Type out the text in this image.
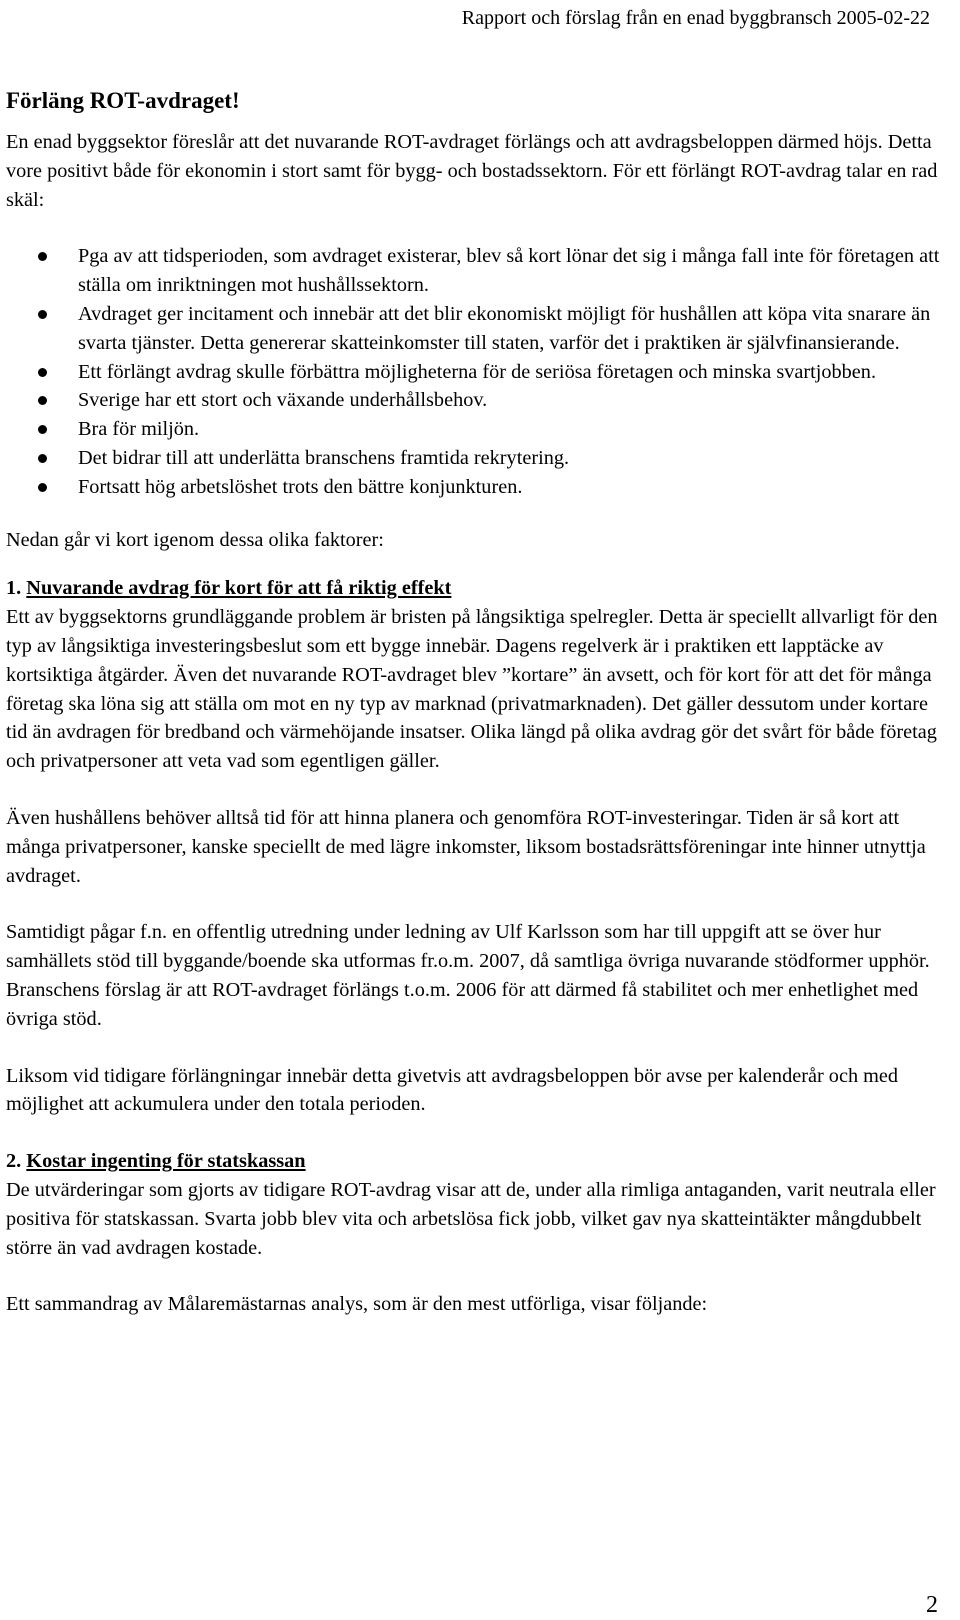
Rapport och förslag från en enad byggbransch 2005-02-22
Förläng ROT-avdraget!

En enad byggsektor föreslår att det nuvarande ROT-avdraget förlängs och att avdragsbeloppen därmed höjs. Detta vore positivt både för ekonomin i stort samt för bygg- och bostadssektorn. För ett förlängt ROT-avdrag talar en rad skäl:

Pga av att tidsperioden, som avdraget existerar, blev så kort lönar det sig i många fall inte för företagen att ställa om inriktningen mot hushållssektorn.
Avdraget ger incitament och innebär att det blir ekonomiskt möjligt för hushållen att köpa vita snarare än svarta tjänster. Detta genererar skatteinkomster till staten, varför det i praktiken är självfinansierande.
Ett förlängt avdrag skulle förbättra möjligheterna för de seriösa företagen och minska svartjobben.
Sverige har ett stort och växande underhållsbehov.
Bra för miljön.
Det bidrar till att underlätta branschens framtida rekrytering.
Fortsatt hög arbetslöshet trots den bättre konjunkturen.

Nedan går vi kort igenom dessa olika faktorer:

1. Nuvarande avdrag för kort för att få riktig effekt

Ett av byggsektorns grundläggande problem är bristen på långsiktiga spelregler. Detta är speciellt allvarligt för den typ av långsiktiga investeringsbeslut som ett bygge innebär. Dagens regelverk är i praktiken ett lapptäcke av kortsiktiga åtgärder. Även det nuvarande ROT-avdraget blev ”kortare” än avsett, och för kort för att det för många företag ska löna sig att ställa om mot en ny typ av marknad (privatmarknaden). Det gäller dessutom under kortare tid än avdragen för bredband och värmehöjande insatser. Olika längd på olika avdrag gör det svårt för både företag och privatpersoner att veta vad som egentligen gäller.

Även hushållens behöver alltså tid för att hinna planera och genomföra ROT-investeringar. Tiden är så kort att många privatpersoner, kanske speciellt de med lägre inkomster, liksom bostadsrättsföreningar inte hinner utnyttja avdraget.

Samtidigt pågar f.n. en offentlig utredning under ledning av Ulf Karlsson som har till uppgift att se över hur samhällets stöd till byggande/boende ska utformas fr.o.m. 2007, då samtliga övriga nuvarande stödformer upphör. Branschens förslag är att ROT-avdraget förlängs t.o.m. 2006 för att därmed få stabilitet och mer enhetlighet med övriga stöd.

Liksom vid tidigare förlängningar innebär detta givetvis att avdragsbeloppen bör avse per kalenderår och med möjlighet att ackumulera under den totala perioden.

2. Kostar ingenting för statskassan

De utvärderingar som gjorts av tidigare ROT-avdrag visar att de, under alla rimliga antaganden, varit neutrala eller positiva för statskassan. Svarta jobb blev vita och arbetslösa fick jobb, vilket gav nya skatteintäkter mångdubbelt större än vad avdragen kostade.

Ett sammandrag av Målaremästarnas analys, som är den mest utförliga, visar följande:

2
